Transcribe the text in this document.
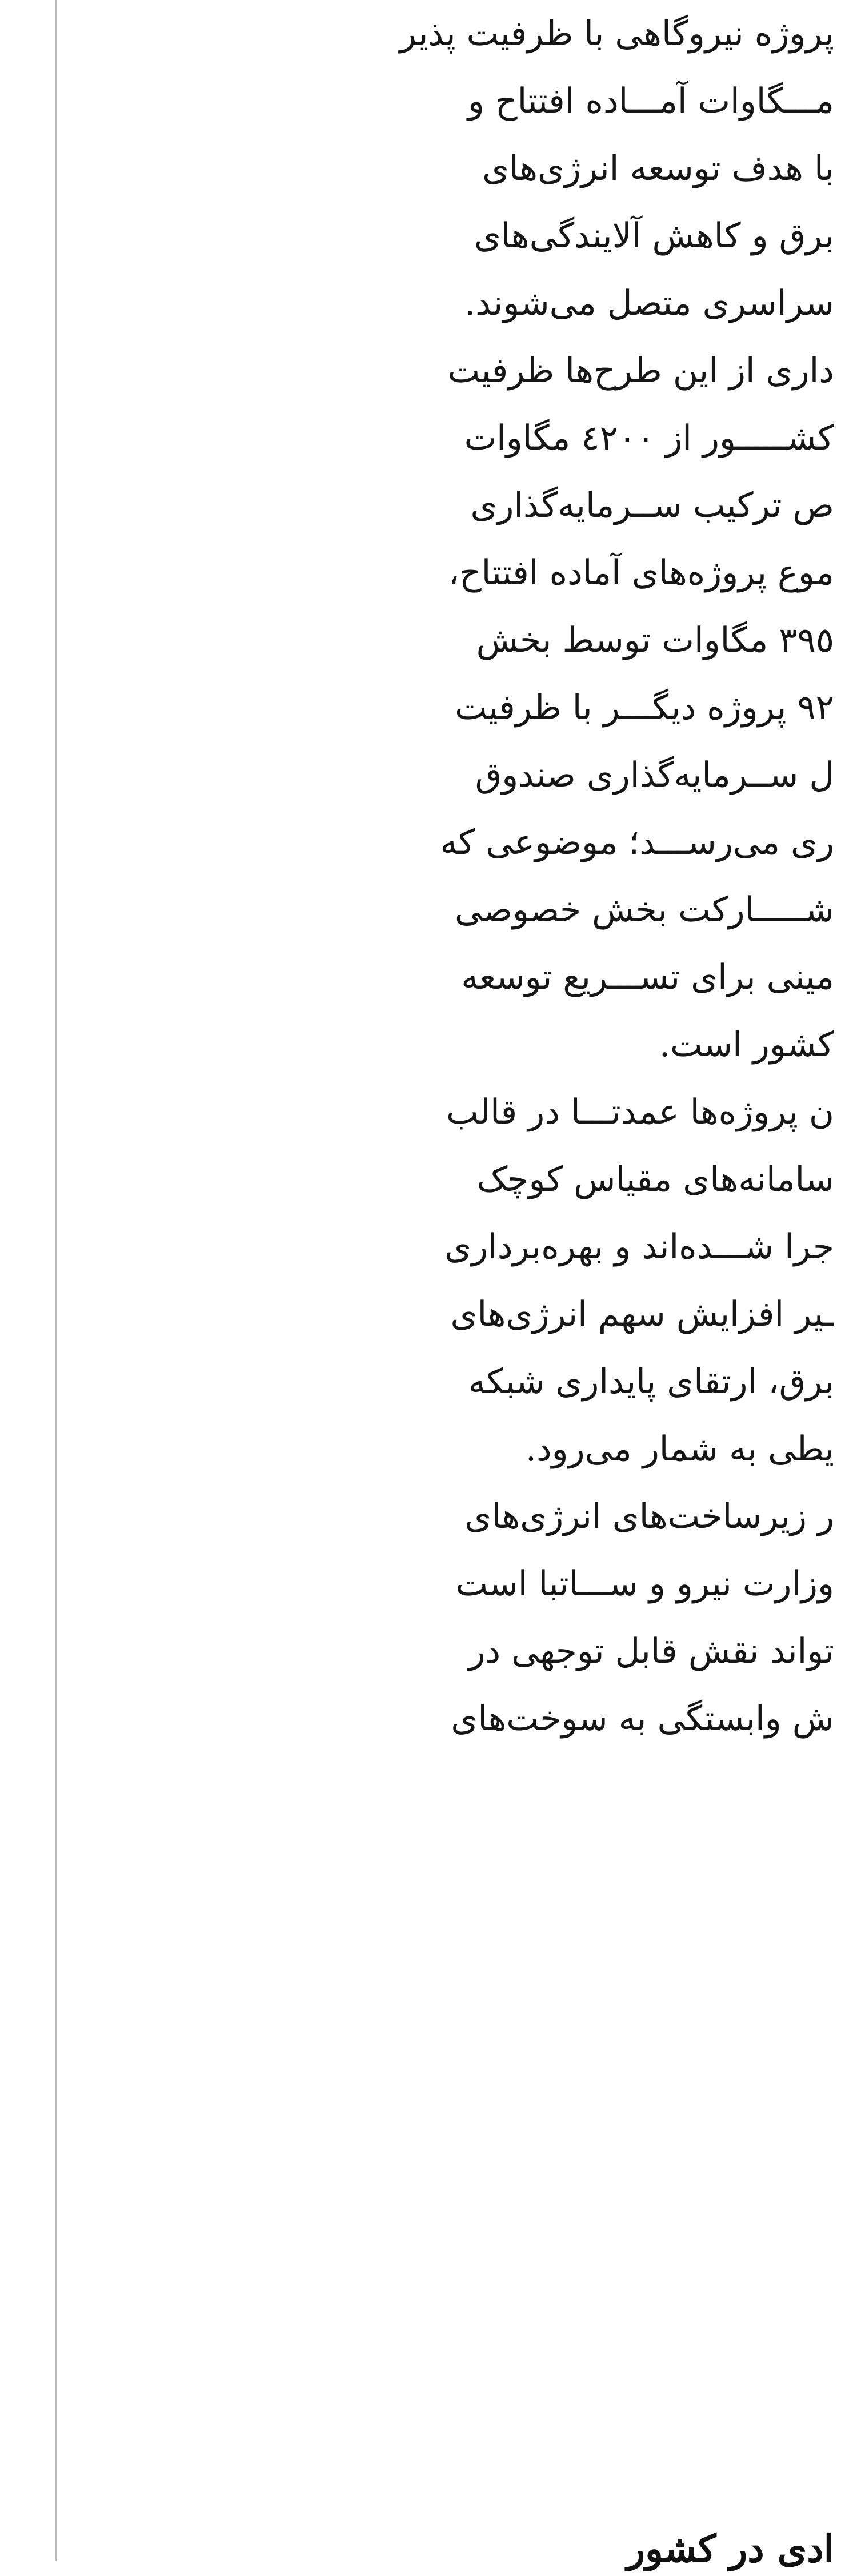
پروژه نیروگاهی با ظرفیت پذیر
مـــگاوات آمـــاده افتتاح و
با هدف توسعه انرژی‌های
برق و کاهش آلایندگی‌های
سراسری متصل می‌شوند.
داری از این طرح‌ها ظرفیت
کشـــــور از ٤٢٠٠ مگاوات
ص ترکیب ســرمایه‌گذاری
موع پروژه‌های آماده افتتاح،
٣٩٥ مگاوات توسط بخش
٩٢ پروژه دیگـــر با ظرفیت
ل ســرمایه‌گذاری صندوق
ری می‌رســـد؛ موضوعی که
شـــــارکت بخش خصوصی
مینی برای تســـریع توسعه
کشور است.
ن پروژه‌ها عمدتـــا در قالب
سامانه‌های مقیاس کوچک
جرا شـــده‌اند و بهره‌برداری
ـیر افزایش سهم انرژی‌های
برق، ارتقای پایداری شبکه
یطی به شمار می‌رود.
ر زیرساخت‌های انرژی‌های
وزارت نیرو و ســـاتبا است
تواند نقش قابل توجهی در
ش وابستگی به سوخت‌های
ادی در کشور
